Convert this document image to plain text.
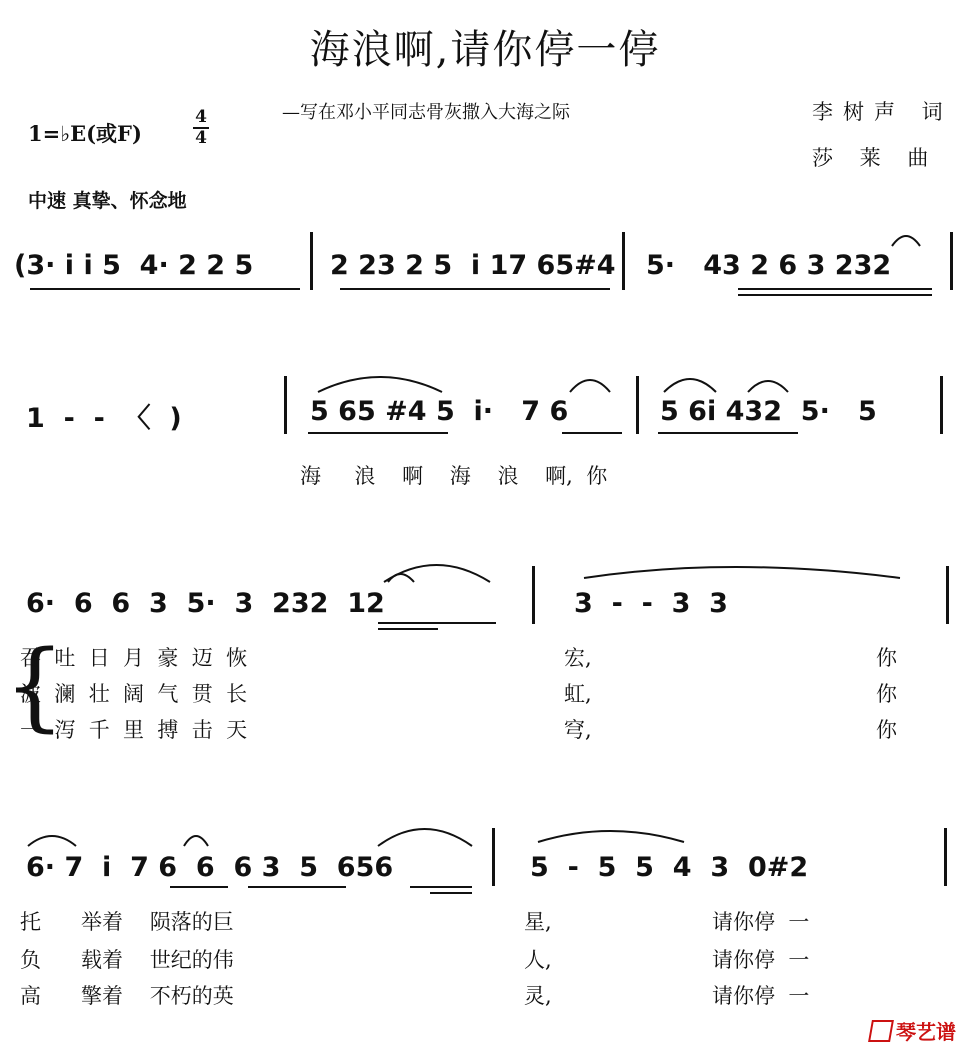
海浪啊,请你停一停
—写在邓小平同志骨灰撒入大海之际	李树声 词
莎 莱 曲
1=♭E(或F)
4
4
中速 真挚、怀念地
(3· i i 5  4· 2 2 5	2 23 2 5  i 17 65#4 5·   43 2 6 3 232
1  -  -  〈  )	5 65 #4 5  i·   7 6	5 6i 432  5·   5
海     浪    啊    海    浪    啊,  你
6·  6  6  3  5·  3  232  12	3  -  -  3  3
{
吞  吐  日  月  豪  迈  恢	宏,	你
波  澜  壮  阔  气  贯  长	虹,	你
一  泻  千  里  搏  击  天	穹,	你
6· 7  i  7 6  6  6 3  5  656	5  -  5  5  4  3  0#2
托      举着    陨落的巨	星,	请你停  一
负      载着    世纪的伟	人,	请你停  一
高      擎着    不朽的英	灵,	请你停  一
琴艺谱
